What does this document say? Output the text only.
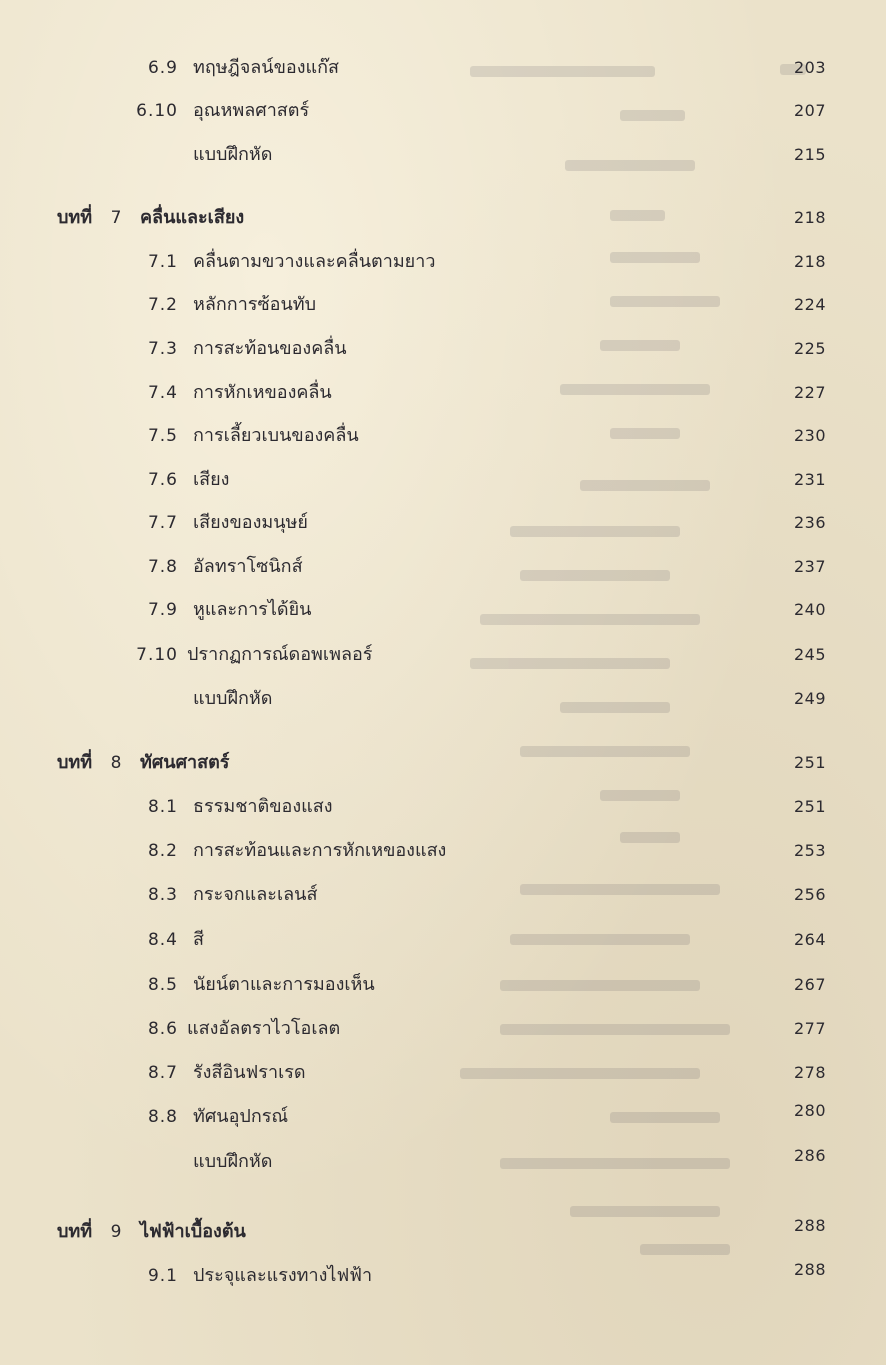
6.9 ทฤษฎีจลน์ของแก๊ส	203
6.10 อุณหพลศาสตร์	207
แบบฝึกหัด	215
บทที่ 7 คลื่นและเสียง	218
7.1 คลื่นตามขวางและคลื่นตามยาว	218
7.2 หลักการซ้อนทับ	224
7.3 การสะท้อนของคลื่น	225
7.4 การหักเหของคลื่น	227
7.5 การเลี้ยวเบนของคลื่น	230
7.6 เสียง	231
7.7 เสียงของมนุษย์	236
7.8 อัลทราโซนิกส์	237
7.9 หูและการได้ยิน	240
7.10 ปรากฏการณ์ดอพเพลอร์	245
แบบฝึกหัด	249
บทที่ 8 ทัศนศาสตร์	251
8.1 ธรรมชาติของแสง	251
8.2 การสะท้อนและการหักเหของแสง	253
8.3 กระจกและเลนส์	256
8.4 สี	264
8.5 นัยน์ตาและการมองเห็น	267
8.6 แสงอัลตราไวโอเลต	277
8.7 รังสีอินฟราเรด	278
8.8 ทัศนอุปกรณ์	280
แบบฝึกหัด	286
บทที่ 9 ไฟฟ้าเบื้องต้น	288
9.1 ประจุและแรงทางไฟฟ้า	288
